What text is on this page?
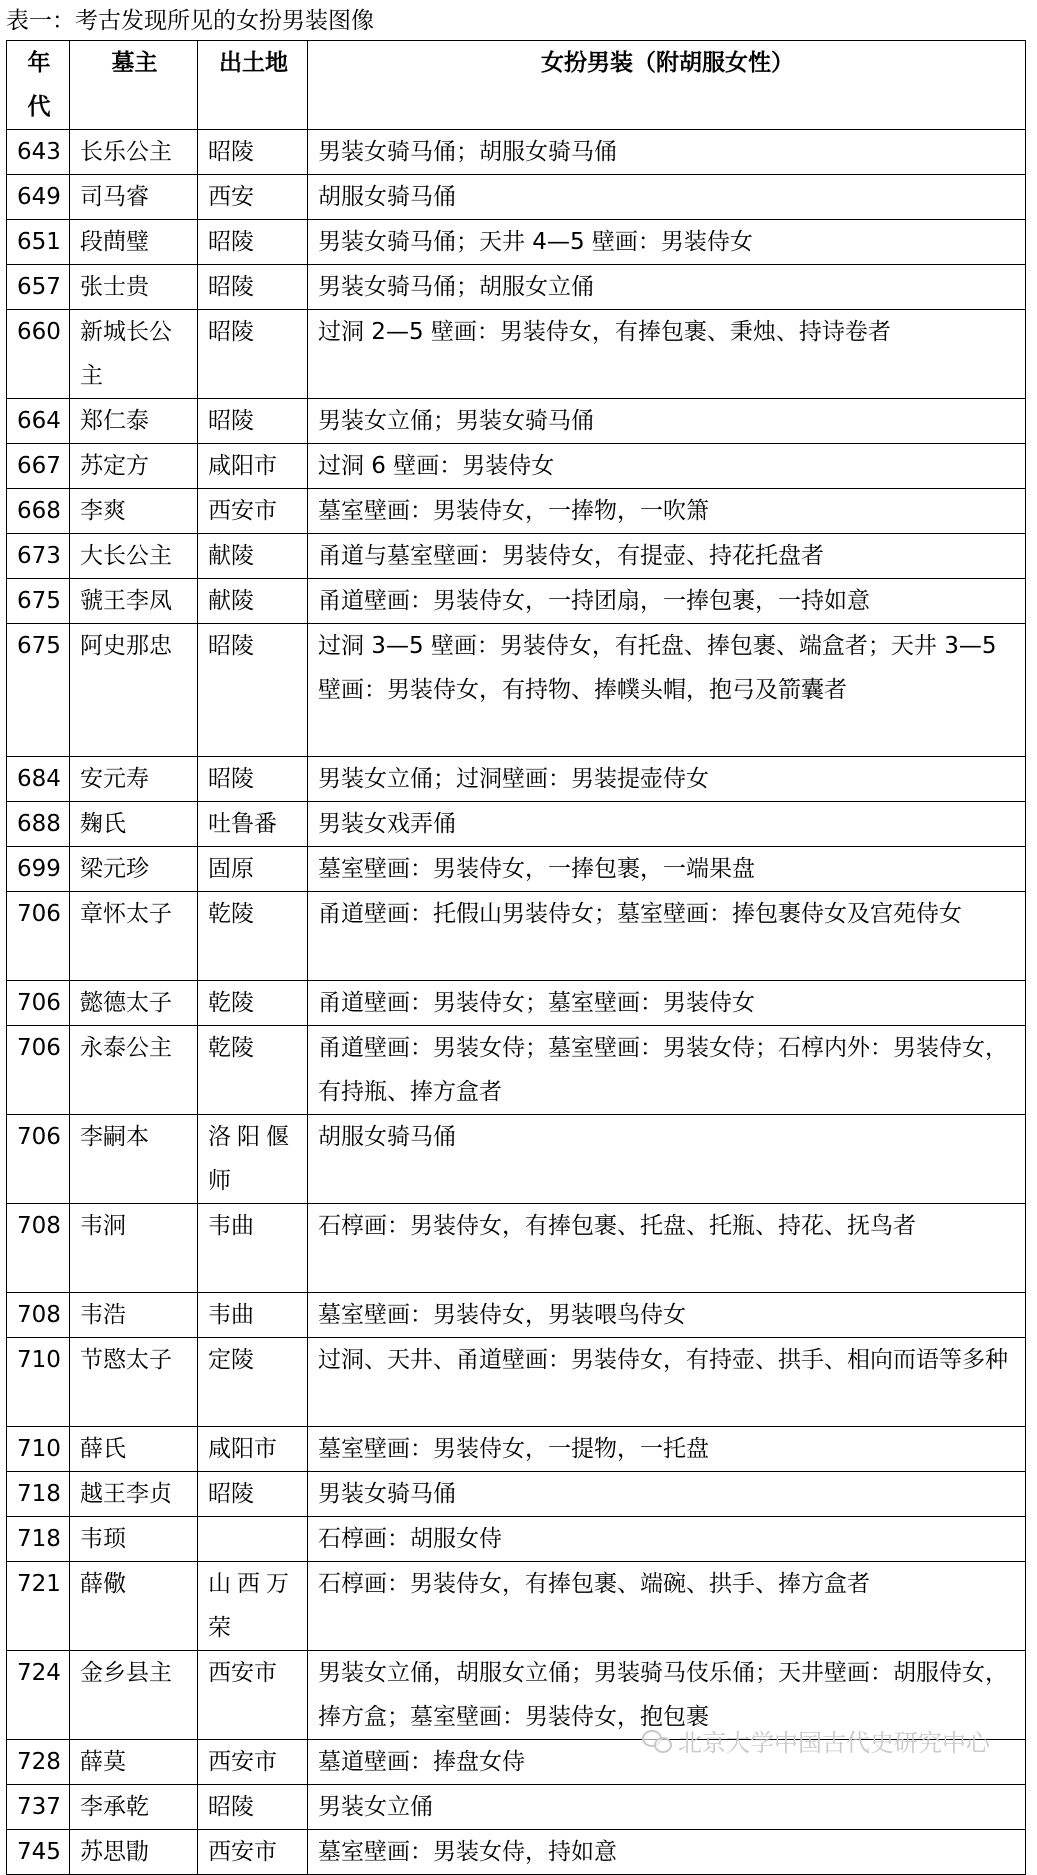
表一：考古发现所见的女扮男装图像
年代	墓主	出土地	女扮男装（附胡服女性）
643	长乐公主	昭陵	男装女骑马俑；胡服女骑马俑
649	司马睿	西安	胡服女骑马俑
651	段蔄璧	昭陵	男装女骑马俑；天井 4—5 壁画：男装侍女
657	张士贵	昭陵	男装女骑马俑；胡服女立俑
660	新城长公主	昭陵	过洞 2—5 壁画：男装侍女，有捧包裹、秉烛、持诗卷者
664	郑仁泰	昭陵	男装女立俑；男装女骑马俑
667	苏定方	咸阳市	过洞 6 壁画：男装侍女
668	李爽	西安市	墓室壁画：男装侍女，一捧物，一吹箫
673	大长公主	献陵	甬道与墓室壁画：男装侍女，有提壶、持花托盘者
675	虢王李凤	献陵	甬道壁画：男装侍女，一持团扇，一捧包裹，一持如意
675	阿史那忠	昭陵	过洞 3—5 壁画：男装侍女，有托盘、捧包裹、端盒者；天井 3—5 壁画：男装侍女，有持物、捧幞头帽，抱弓及箭囊者
684	安元寿	昭陵	男装女立俑；过洞壁画：男装提壶侍女
688	麹氏	吐鲁番	男装女戏弄俑
699	梁元珍	固原	墓室壁画：男装侍女，一捧包裹，一端果盘
706	章怀太子	乾陵	甬道壁画：托假山男装侍女；墓室壁画：捧包裹侍女及宫苑侍女
706	懿德太子	乾陵	甬道壁画：男装侍女；墓室壁画：男装侍女
706	永泰公主	乾陵	甬道壁画：男装女侍；墓室壁画：男装女侍；石椁内外：男装侍女，有持瓶、捧方盒者
706	李嗣本	洛阳偃师	胡服女骑马俑
708	韦泂	韦曲	石椁画：男装侍女，有捧包裹、托盘、托瓶、持花、抚鸟者
708	韦浩	韦曲	墓室壁画：男装侍女，男装喂鸟侍女
710	节愍太子	定陵	过洞、天井、甬道壁画：男装侍女，有持壶、拱手、相向而语等多种
710	薛氏	咸阳市	墓室壁画：男装侍女，一提物，一托盘
718	越王李贞	昭陵	男装女骑马俑
718	韦顼		石椁画：胡服女侍
721	薛儆	山西万荣	石椁画：男装侍女，有捧包裹、端碗、拱手、捧方盒者
724	金乡县主	西安市	男装女立俑，胡服女立俑；男装骑马伎乐俑；天井壁画：胡服侍女，捧方盒；墓室壁画：男装侍女，抱包裹
728	薛莫	西安市	墓道壁画：捧盘女侍
737	李承乾	昭陵	男装女立俑
745	苏思勖	西安市	墓室壁画：男装女侍，持如意
北京大学中国古代史研究中心
